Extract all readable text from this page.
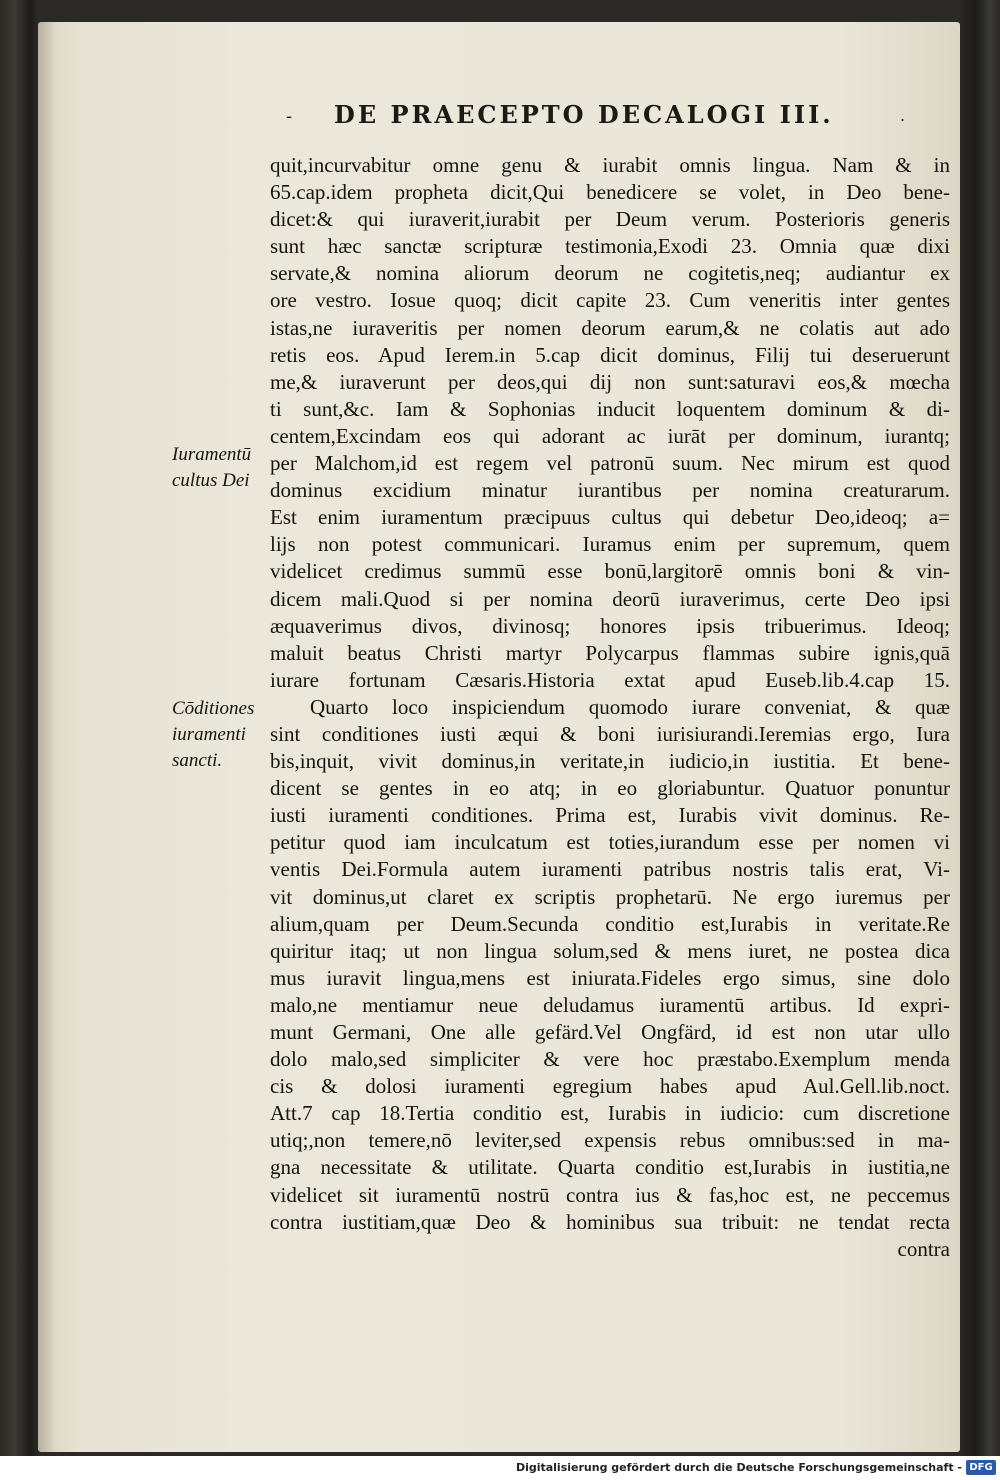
- DE PRAECEPTO DECALOGI III.	.
Iuramentū
cultus Dei
Cōditiones
iuramenti
sancti.
quit,incurvabitur omne genu & iurabit omnis lingua. Nam & in
65.cap.idem propheta dicit,Qui benedicere se volet, in Deo bene-
dicet:& qui iuraverit,iurabit per Deum verum. Posterioris generis
sunt hæc sanctæ scripturæ testimonia,Exodi 23. Omnia quæ dixi
servate,& nomina aliorum deorum ne cogitetis,neq; audiantur ex
ore vestro. Iosue quoq; dicit capite 23. Cum veneritis inter gentes
istas,ne iuraveritis per nomen deorum earum,& ne colatis aut ado
retis eos. Apud Ierem.in 5.cap dicit dominus, Filij tui deseruerunt
me,& iuraverunt per deos,qui dij non sunt:saturavi eos,& mœcha
ti sunt,&c. Iam & Sophonias inducit loquentem dominum & di-
centem,Excindam eos qui adorant ac iurāt per dominum, iurantq;
per Malchom,id est regem vel patronū suum. Nec mirum est quod
dominus excidium minatur iurantibus per nomina creaturarum.
Est enim iuramentum præcipuus cultus qui debetur Deo,ideoq; a=
lijs non potest communicari. Iuramus enim per supremum, quem
videlicet credimus summū esse bonū,largitorē omnis boni & vin-
dicem mali.Quod si per nomina deorū iuraverimus, certe Deo ipsi
æquaverimus divos, divinosq; honores ipsis tribuerimus. Ideoq;
maluit beatus Christi martyr Polycarpus flammas subire ignis,quā
iurare fortunam Cæsaris.Historia extat apud Euseb.lib.4.cap 15.
Quarto loco inspiciendum quomodo iurare conveniat, & quæ
sint conditiones iusti æqui & boni iurisiurandi.Ieremias ergo, Iura
bis,inquit, vivit dominus,in veritate,in iudicio,in iustitia. Et bene-
dicent se gentes in eo atq; in eo gloriabuntur. Quatuor ponuntur
iusti iuramenti conditiones. Prima est, Iurabis vivit dominus. Re-
petitur quod iam inculcatum est toties,iurandum esse per nomen vi
ventis Dei.Formula autem iuramenti patribus nostris talis erat, Vi-
vit dominus,ut claret ex scriptis prophetarū. Ne ergo iuremus per
alium,quam per Deum.Secunda conditio est,Iurabis in veritate.Re
quiritur itaq; ut non lingua solum,sed & mens iuret, ne postea dica
mus iuravit lingua,mens est iniurata.Fideles ergo simus, sine dolo
malo,ne mentiamur neue deludamus iuramentū artibus. Id expri-
munt Germani, One alle gefärd.Vel Ongfärd, id est non utar ullo
dolo malo,sed simpliciter & vere hoc præstabo.Exemplum menda
cis & dolosi iuramenti egregium habes apud Aul.Gell.lib.noct.
Att.7 cap 18.Tertia conditio est, Iurabis in iudicio: cum discretione
utiq;,non temere,nō leviter,sed expensis rebus omnibus:sed in ma-
gna necessitate & utilitate. Quarta conditio est,Iurabis in iustitia,ne
videlicet sit iuramentū nostrū contra ius & fas,hoc est, ne peccemus
contra iustitiam,quæ Deo & hominibus sua tribuit: ne tendat recta
contra
Digitalisierung gefördert durch die Deutsche Forschungsgemeinschaft - DFG
